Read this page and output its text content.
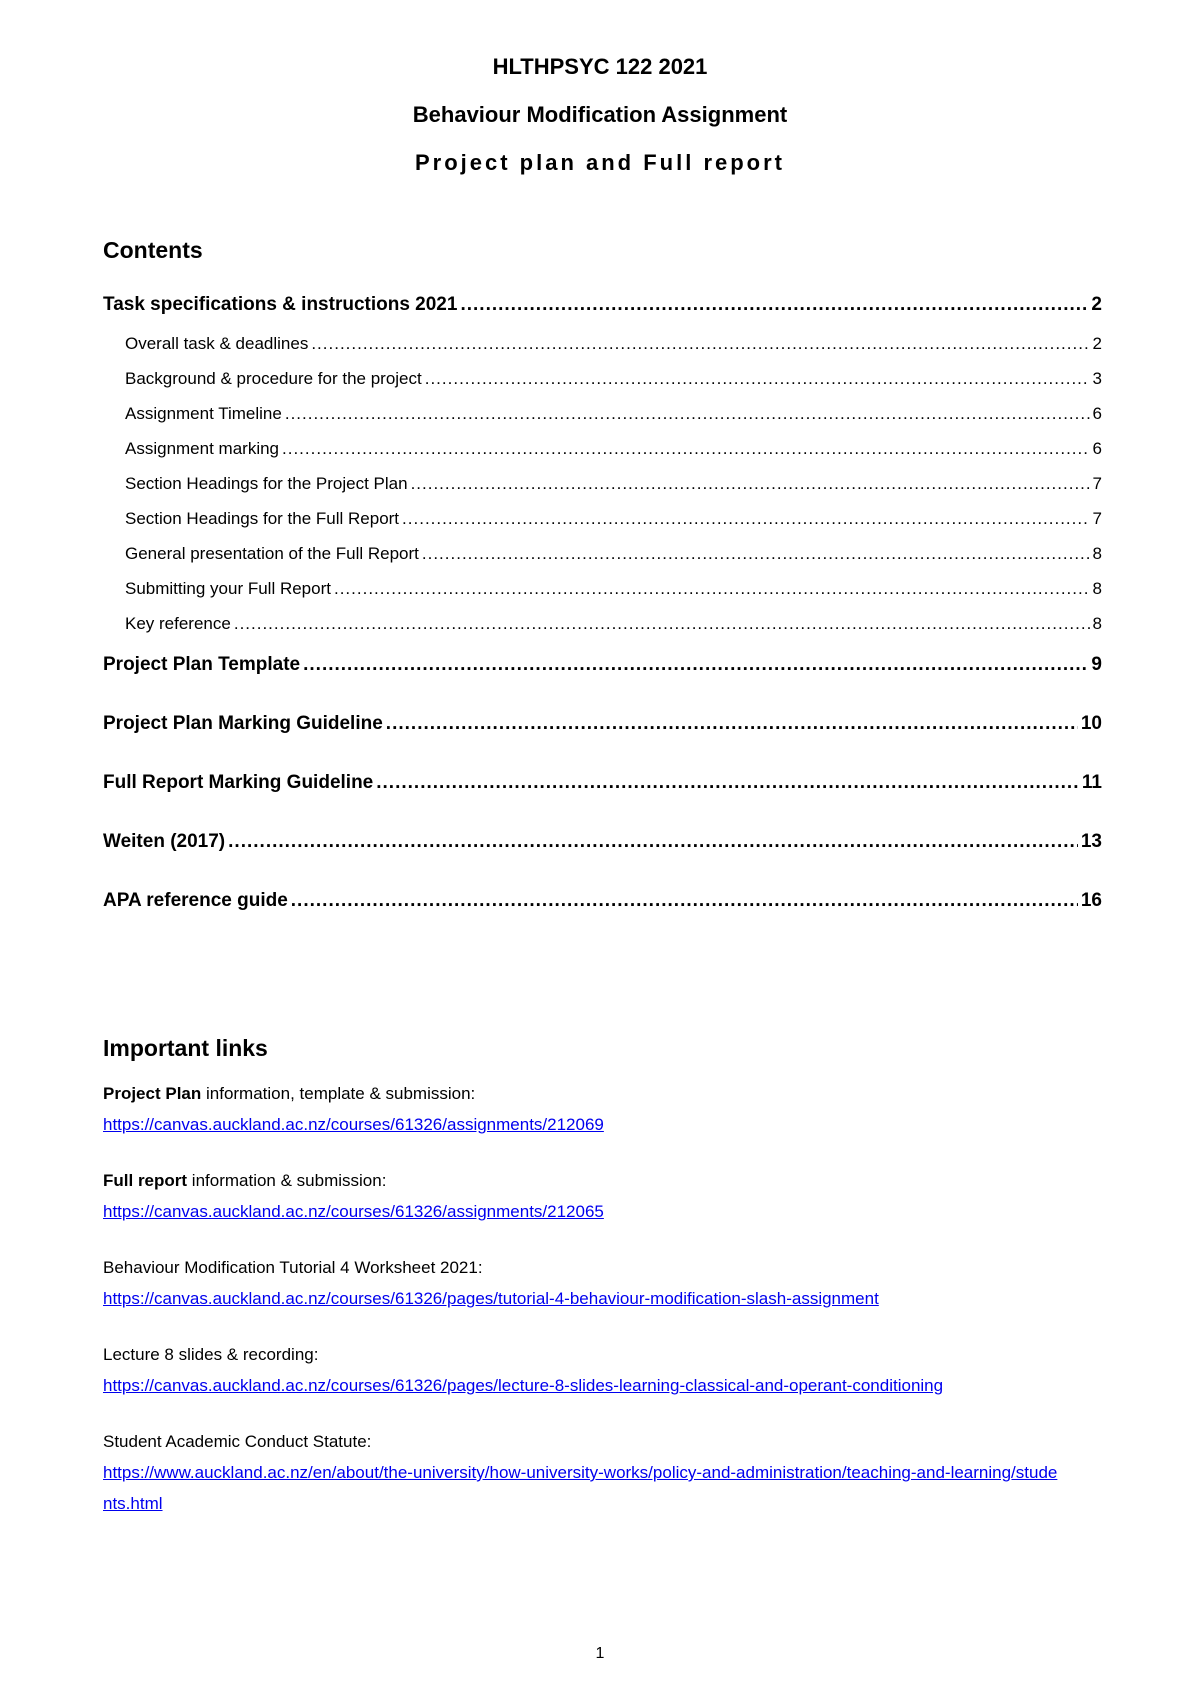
HLTHPSYC 122 2021
Behaviour Modification Assignment
Project plan and Full report
Contents
Task specifications & instructions 2021 .....	2
Overall task & deadlines .....	2
Background & procedure for the project .....	3
Assignment Timeline .....	6
Assignment marking .....	6
Section Headings for the Project Plan .....	7
Section Headings for the Full Report .....	7
General presentation of the Full Report .....	8
Submitting your Full Report .....	8
Key reference .....	8
Project Plan Template .....	9
Project Plan Marking Guideline .....	10
Full Report Marking Guideline .....	11
Weiten (2017) .....	13
APA reference guide .....	16
Important links
Project Plan information, template & submission:
https://canvas.auckland.ac.nz/courses/61326/assignments/212069
Full report information & submission:
https://canvas.auckland.ac.nz/courses/61326/assignments/212065
Behaviour Modification Tutorial 4 Worksheet 2021:
https://canvas.auckland.ac.nz/courses/61326/pages/tutorial-4-behaviour-modification-slash-assignment
Lecture 8 slides & recording:
https://canvas.auckland.ac.nz/courses/61326/pages/lecture-8-slides-learning-classical-and-operant-conditioning
Student Academic Conduct Statute:
https://www.auckland.ac.nz/en/about/the-university/how-university-works/policy-and-administration/teaching-and-learning/students.html
1
